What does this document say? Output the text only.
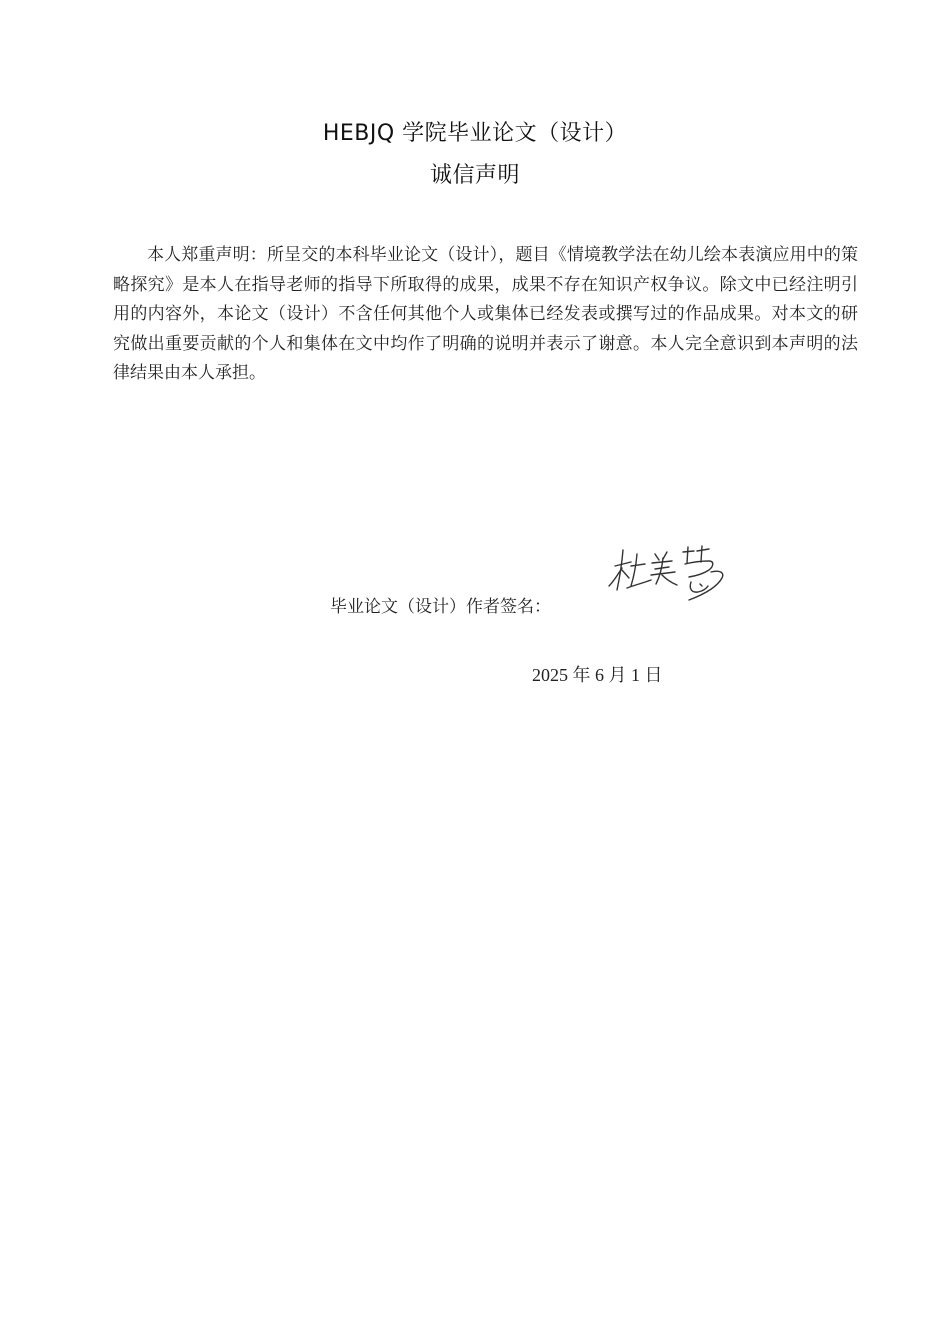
HEBJQ 学院毕业论文（设计）
诚信声明

本人郑重声明：所呈交的本科毕业论文（设计），题目《情境教学法在幼儿绘本表演应用中的策略探究》是本人在指导老师的指导下所取得的成果，成果不存在知识产权争议。除文中已经注明引用的内容外，本论文（设计）不含任何其他个人或集体已经发表或撰写过的作品成果。对本文的研究做出重要贡献的个人和集体在文中均作了明确的说明并表示了谢意。本人完全意识到本声明的法律结果由本人承担。

毕业论文（设计）作者签名：
2025 年 6 月 1 日
